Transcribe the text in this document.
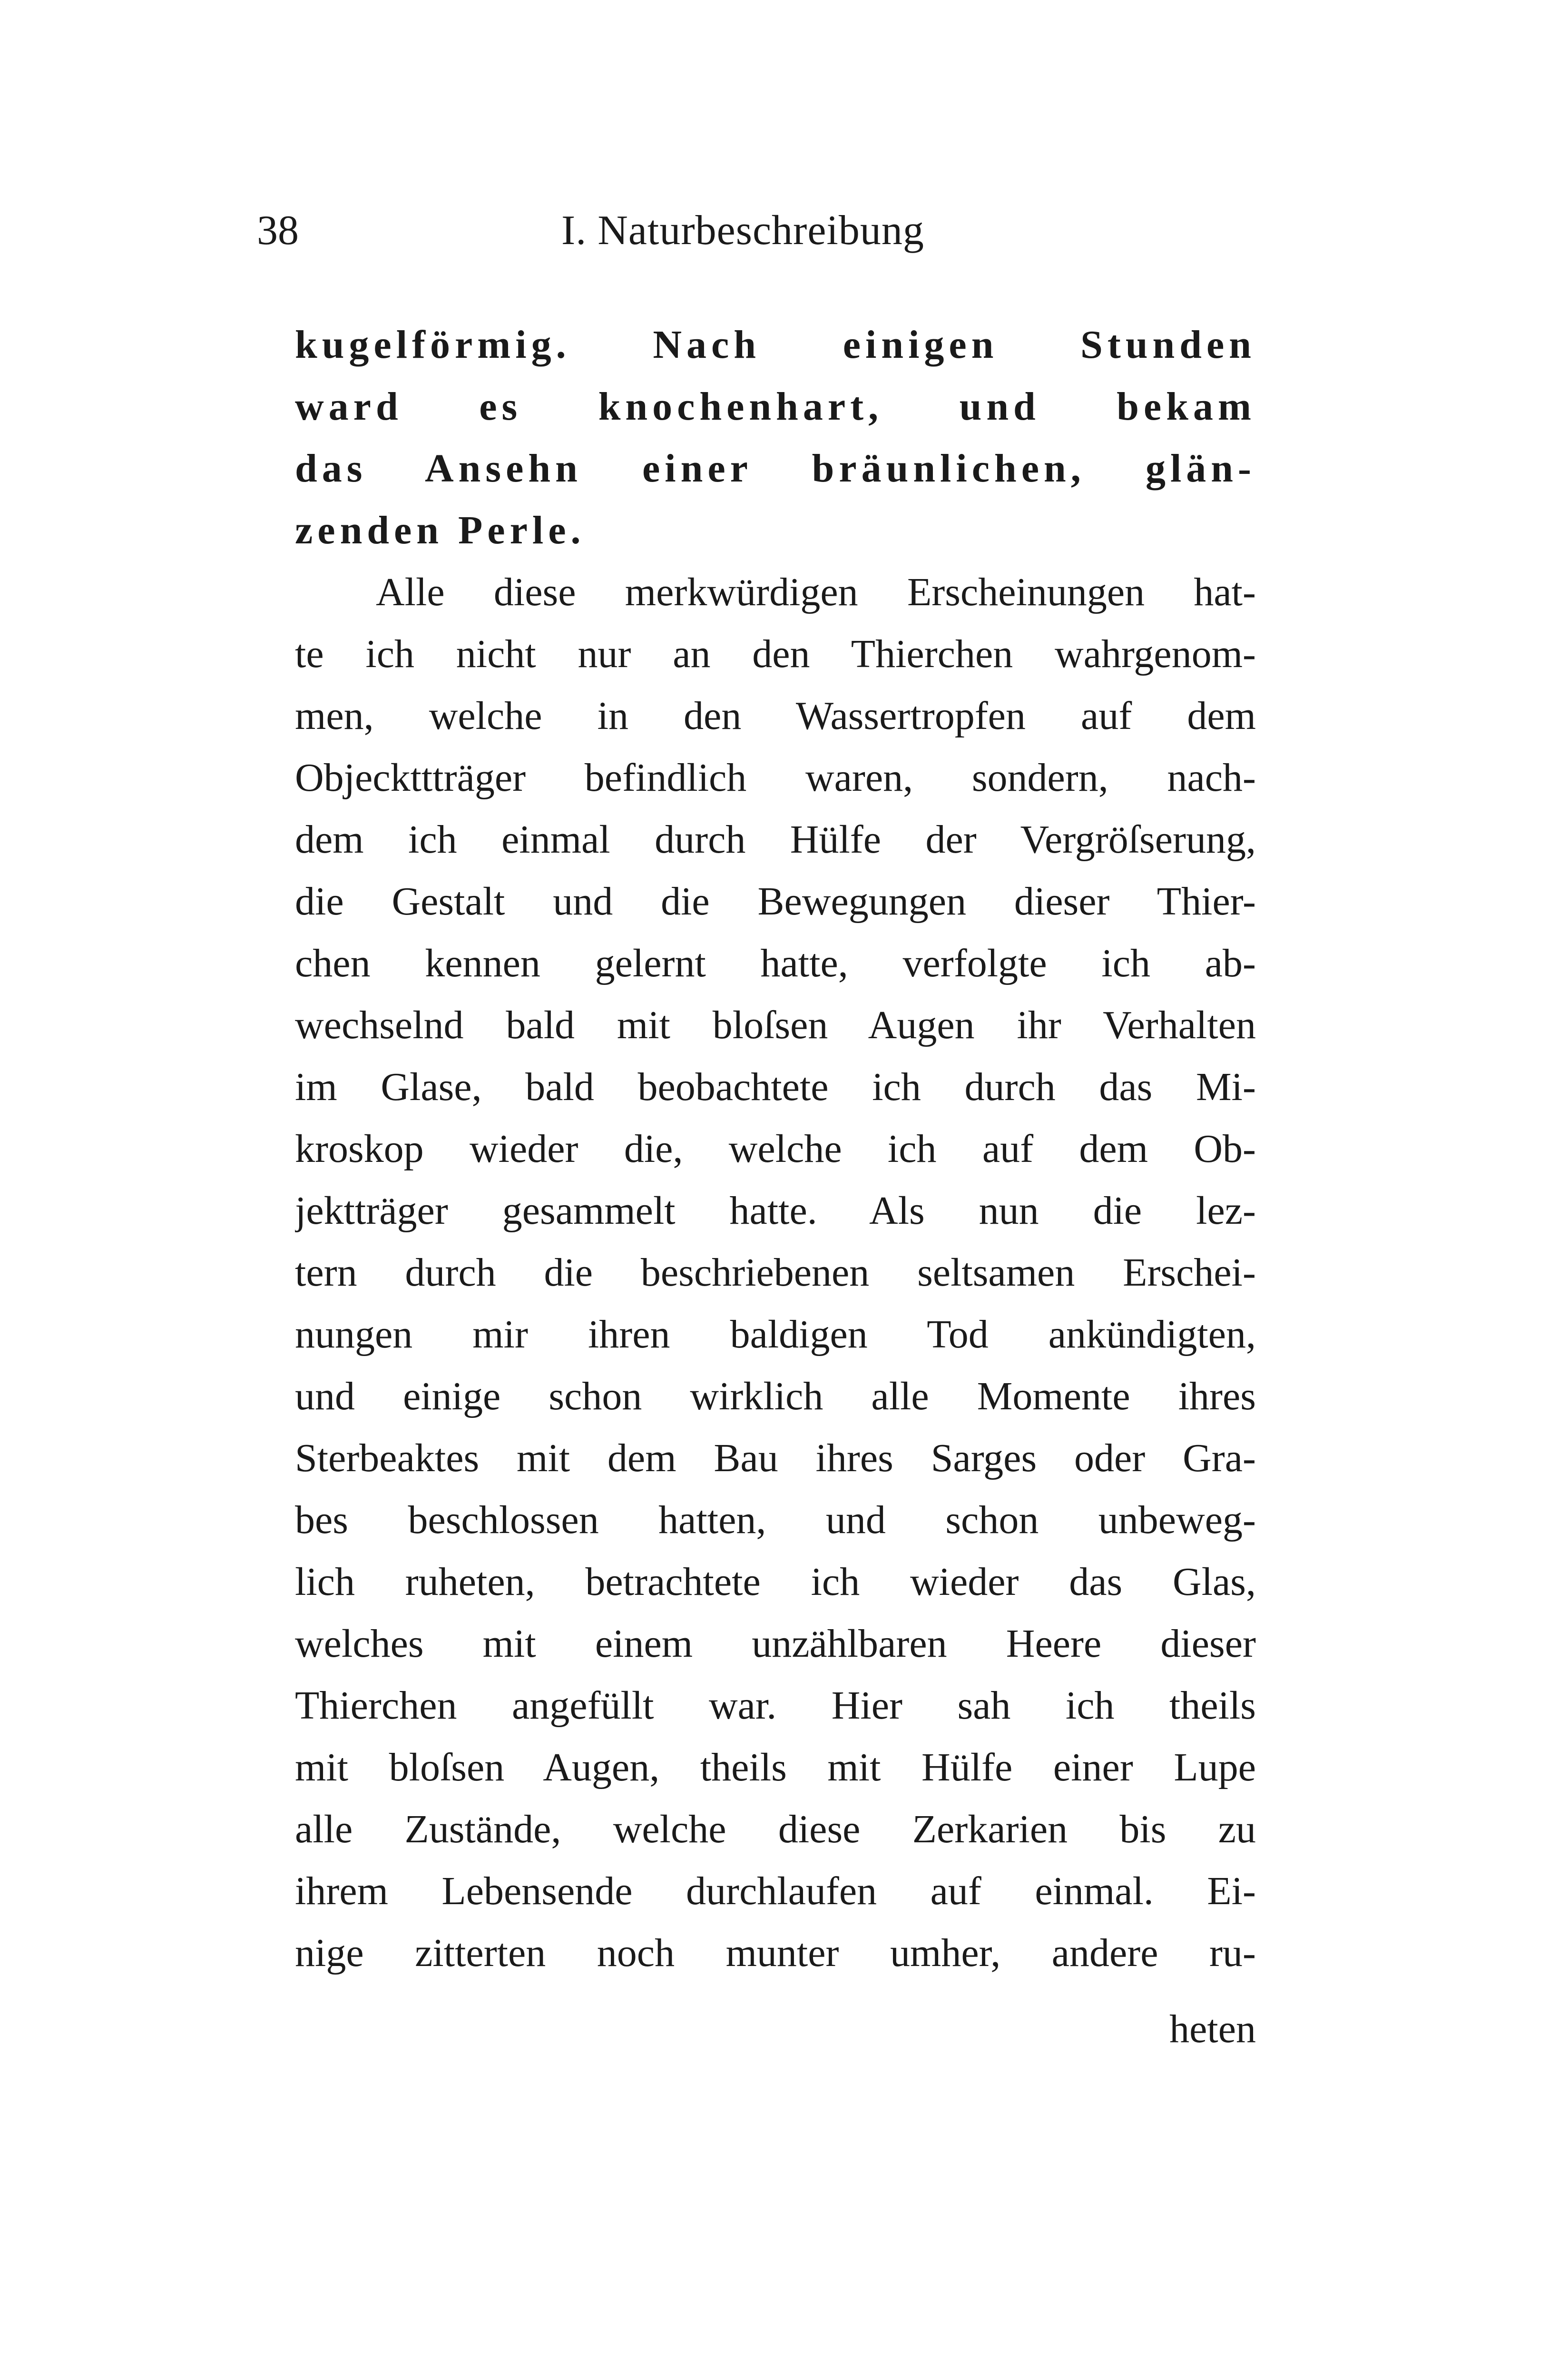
38	I. Naturbeschreibung
kugelförmig. Nach einigen Stunden
ward es knochenhart, und bekam
das Ansehn einer bräunlichen, glän-
zenden Perle.
Alle diese merkwürdigen Erscheinungen hat-
te ich nicht nur an den Thierchen wahrgenom-
men, welche in den Wassertropfen auf dem
Objeckttträger befindlich waren, sondern, nach-
dem ich einmal durch Hülfe der Vergröſserung,
die Gestalt und die Bewegungen dieser Thier-
chen kennen gelernt hatte, verfolgte ich ab-
wechselnd bald mit bloſsen Augen ihr Verhalten
im Glase, bald beobachtete ich durch das Mi-
kroskop wieder die, welche ich auf dem Ob-
jektträger gesammelt hatte. Als nun die lez-
tern durch die beschriebenen seltsamen Erschei-
nungen mir ihren baldigen Tod ankündigten,
und einige schon wirklich alle Momente ihres
Sterbeaktes mit dem Bau ihres Sarges oder Gra-
bes beschlossen hatten, und schon unbeweg-
lich ruheten, betrachtete ich wieder das Glas,
welches mit einem unzählbaren Heere dieser
Thierchen angefüllt war. Hier sah ich theils
mit bloſsen Augen, theils mit Hülfe einer Lupe
alle Zustände, welche diese Zerkarien bis zu
ihrem Lebensende durchlaufen auf einmal. Ei-
nige zitterten noch munter umher, andere ru-
heten
